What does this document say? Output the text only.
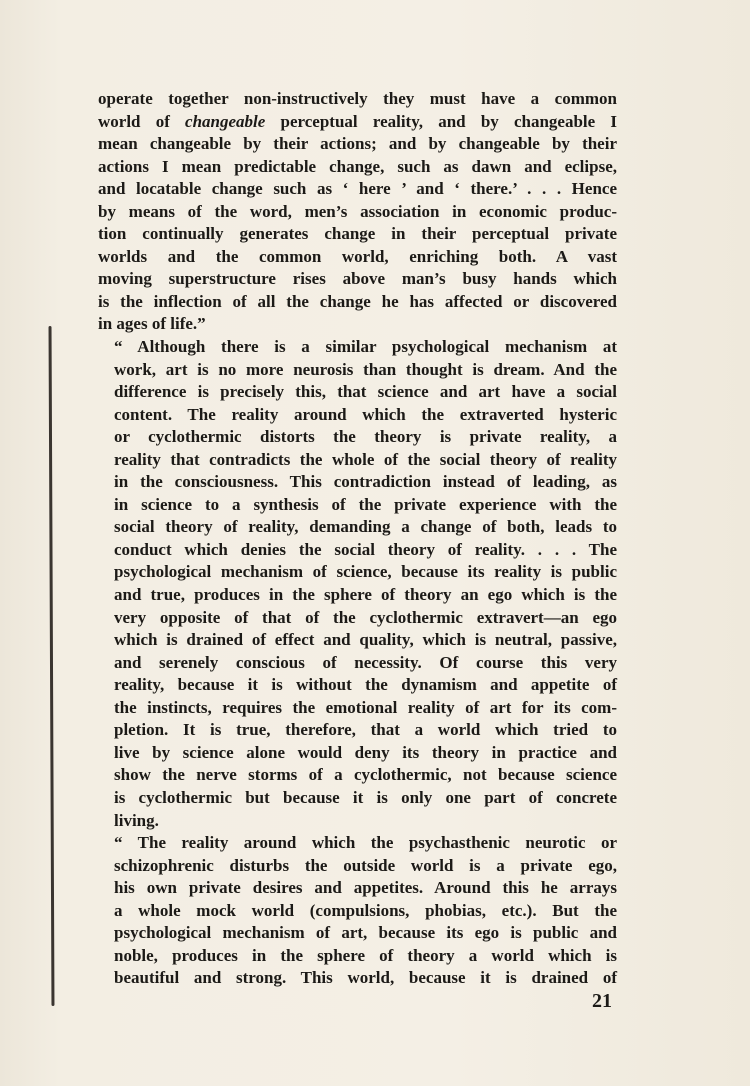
operate together non-instructively they must have a common
world of changeable perceptual reality, and by changeable I
mean changeable by their actions; and by changeable by their
actions I mean predictable change, such as dawn and eclipse,
and locatable change such as ‘ here ’ and ‘ there.’ . . . Hence
by means of the word, men’s association in economic produc-
tion continually generates change in their perceptual private
worlds and the common world, enriching both. A vast
moving superstructure rises above man’s busy hands which
is the inflection of all the change he has affected or discovered
in ages of life.”

“ Although there is a similar psychological mechanism at
work, art is no more neurosis than thought is dream. And the
difference is precisely this, that science and art have a social
content. The reality around which the extraverted hysteric
or cyclothermic distorts the theory is private reality, a
reality that contradicts the whole of the social theory of reality
in the consciousness. This contradiction instead of leading, as
in science to a synthesis of the private experience with the
social theory of reality, demanding a change of both, leads to
conduct which denies the social theory of reality. . . . The
psychological mechanism of science, because its reality is public
and true, produces in the sphere of theory an ego which is the
very opposite of that of the cyclothermic extravert—an ego
which is drained of effect and quality, which is neutral, passive,
and serenely conscious of necessity. Of course this very
reality, because it is without the dynamism and appetite of
the instincts, requires the emotional reality of art for its com-
pletion. It is true, therefore, that a world which tried to
live by science alone would deny its theory in practice and
show the nerve storms of a cyclothermic, not because science
is cyclothermic but because it is only one part of concrete
living.

“ The reality around which the psychasthenic neurotic or
schizophrenic disturbs the outside world is a private ego,
his own private desires and appetites. Around this he arrays
a whole mock world (compulsions, phobias, etc.). But the
psychological mechanism of art, because its ego is public and
noble, produces in the sphere of theory a world which is
beautiful and strong. This world, because it is drained of

21
